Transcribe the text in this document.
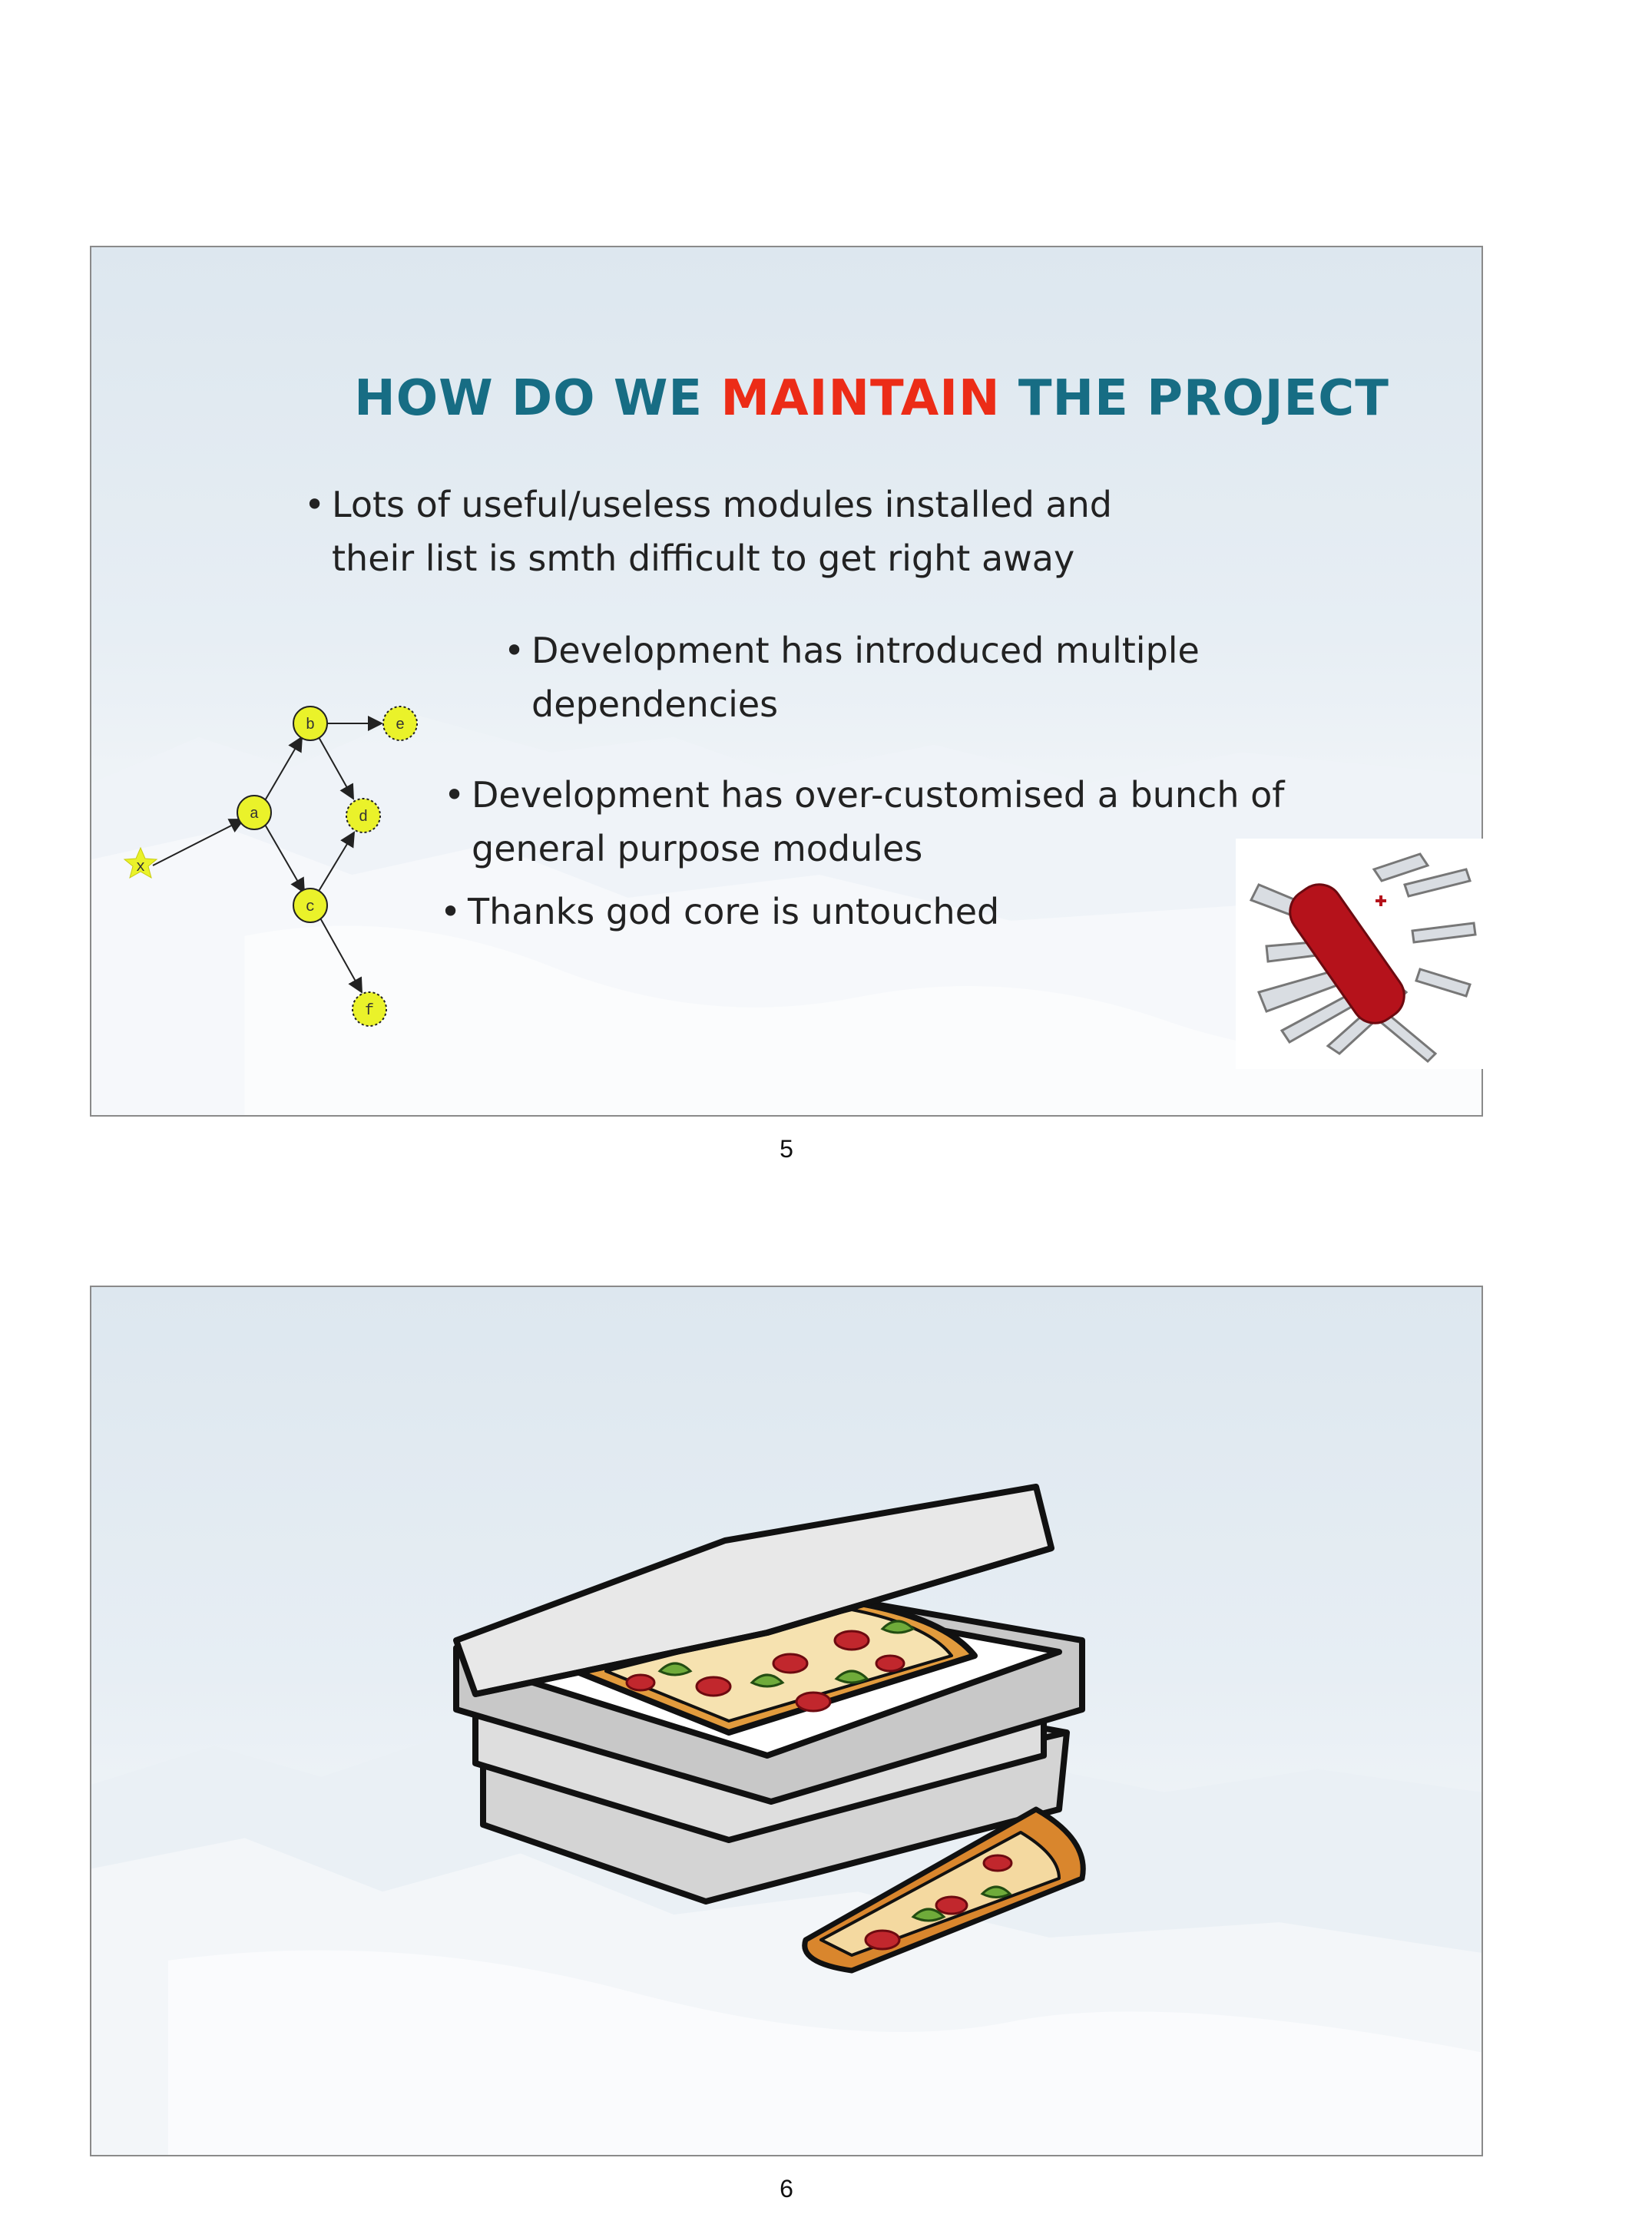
HOW DO WE MAINTAIN THE PROJECT
• Lots of useful/useless modules installed and
their list is smth difficult to get right away
• Development has introduced multiple
dependencies
• Development has over-customised a bunch of
general purpose modules
• Thanks god core is untouched
x
a
b
c
d
e
f
5
6
